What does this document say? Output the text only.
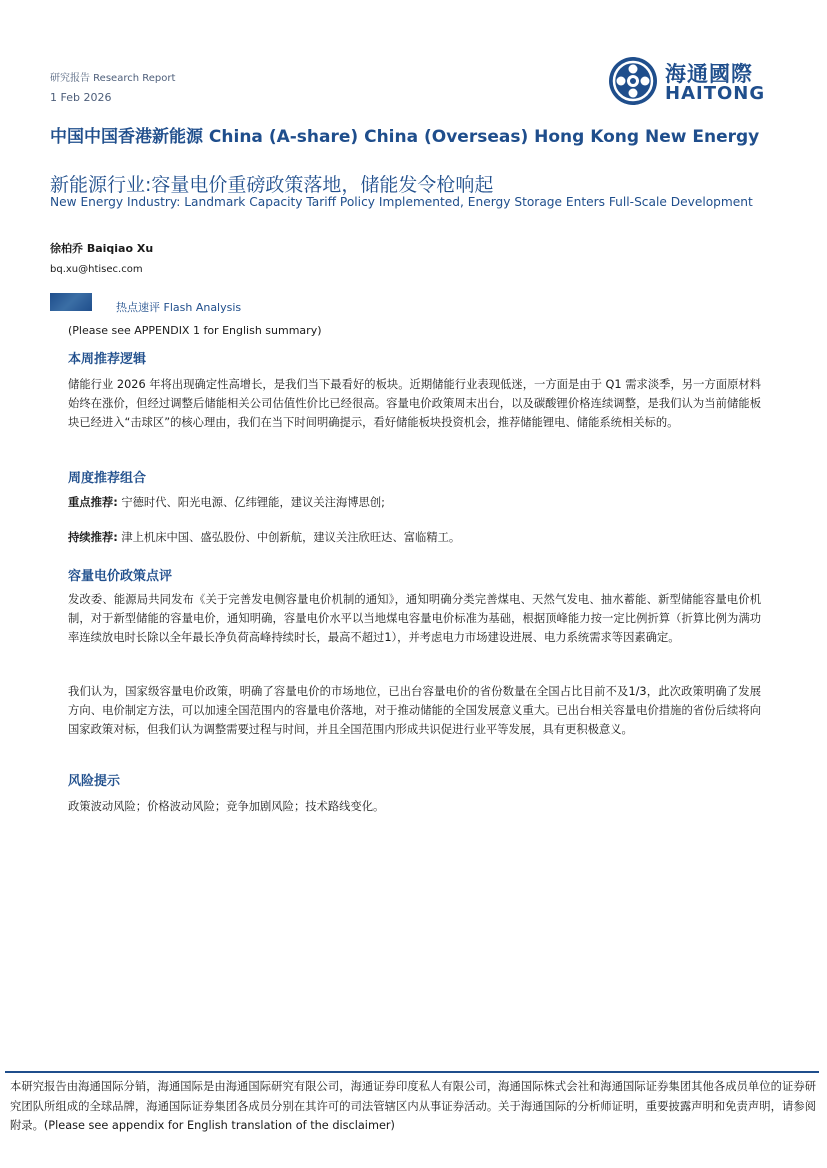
研究报告 Research Report
1 Feb 2026
海通國際
HAITONG
中国中国香港新能源 China (A-share) China (Overseas) Hong Kong New Energy
新能源行业:容量电价重磅政策落地，储能发令枪响起
New Energy Industry: Landmark Capacity Tariff Policy Implemented, Energy Storage Enters Full-Scale Development
徐柏乔 Baiqiao Xu
bq.xu@htisec.com
热点速评 Flash Analysis
(Please see APPENDIX 1 for English summary)
本周推荐逻辑
储能行业 2026 年将出现确定性高增长，是我们当下最看好的板块。近期储能行业表现低迷，一方面是由于 Q1 需求淡季，另一方面原材料始终在涨价，但经过调整后储能相关公司估值性价比已经很高。容量电价政策周末出台，以及碳酸锂价格连续调整，是我们认为当前储能板块已经进入“击球区”的核心理由，我们在当下时间明确提示，看好储能板块投资机会，推荐储能锂电、储能系统相关标的。
周度推荐组合
重点推荐: 宁德时代、阳光电源、亿纬锂能，建议关注海博思创;
持续推荐: 津上机床中国、盛弘股份、中创新航，建议关注欣旺达、富临精工。
容量电价政策点评
发改委、能源局共同发布《关于完善发电侧容量电价机制的通知》，通知明确分类完善煤电、天然气发电、抽水蓄能、新型储能容量电价机制，对于新型储能的容量电价，通知明确，容量电价水平以当地煤电容量电价标准为基础，根据顶峰能力按一定比例折算（折算比例为满功率连续放电时长除以全年最长净负荷高峰持续时长，最高不超过1），并考虑电力市场建设进展、电力系统需求等因素确定。
我们认为，国家级容量电价政策，明确了容量电价的市场地位，已出台容量电价的省份数量在全国占比目前不及1/3，此次政策明确了发展方向、电价制定方法，可以加速全国范围内的容量电价落地，对于推动储能的全国发展意义重大。已出台相关容量电价措施的省份后续将向国家政策对标，但我们认为调整需要过程与时间，并且全国范围内形成共识促进行业平等发展，具有更积极意义。
风险提示
政策波动风险；价格波动风险；竞争加剧风险；技术路线变化。
本研究报告由海通国际分销，海通国际是由海通国际研究有限公司，海通证券印度私人有限公司，海通国际株式会社和海通国际证券集团其他各成员单位的证券研究团队所组成的全球品牌，海通国际证券集团各成员分别在其许可的司法管辖区内从事证券活动。关于海通国际的分析师证明，重要披露声明和免责声明，请参阅附录。(Please see appendix for English translation of the disclaimer)
